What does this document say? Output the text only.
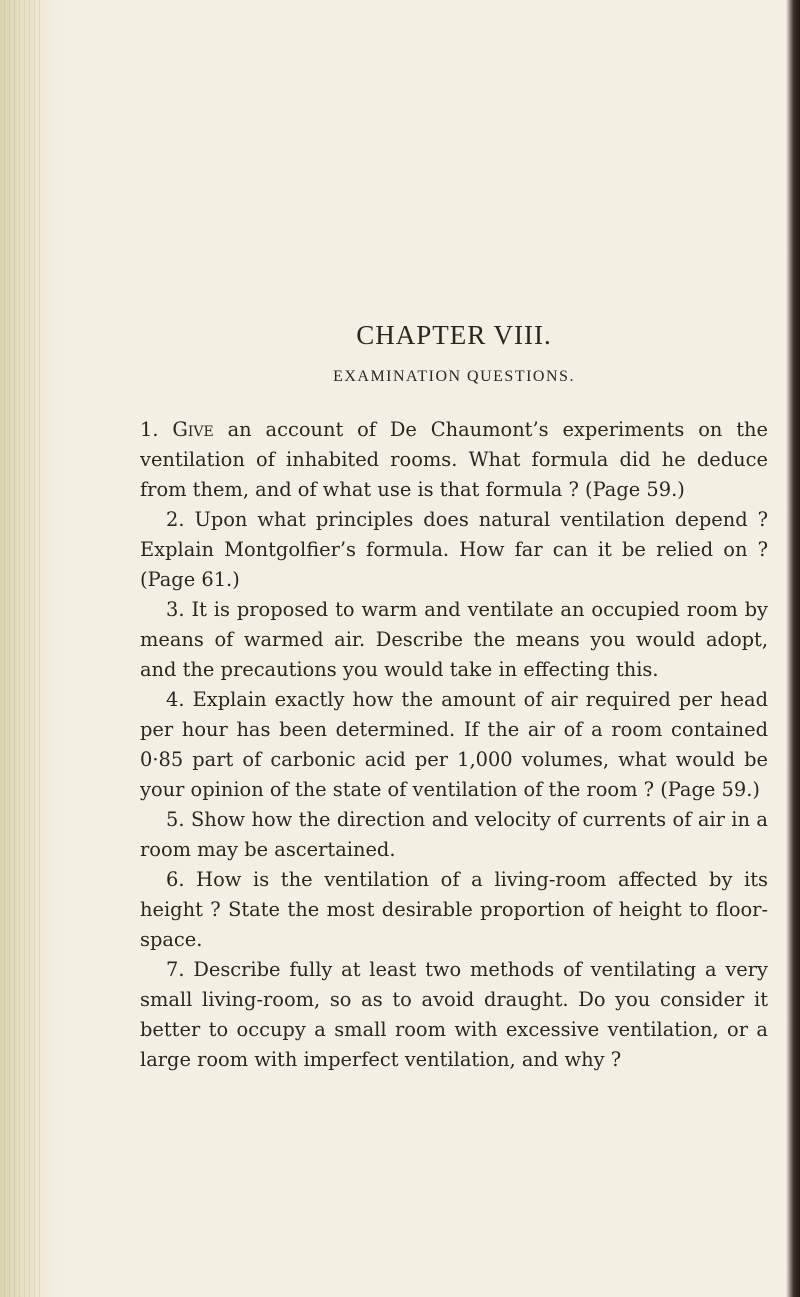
CHAPTER VIII.
EXAMINATION QUESTIONS.
1. Give an account of De Chaumont’s experiments on the ventilation of inhabited rooms. What formula did he deduce from them, and of what use is that formula ? (Page 59.)
2. Upon what principles does natural ventilation depend ? Explain Montgolfier’s formula. How far can it be relied on ? (Page 61.)
3. It is proposed to warm and ventilate an occupied room by means of warmed air. Describe the means you would adopt, and the precautions you would take in effecting this.
4. Explain exactly how the amount of air required per head per hour has been determined. If the air of a room contained 0·85 part of carbonic acid per 1,000 volumes, what would be your opinion of the state of ventilation of the room ? (Page 59.)
5. Show how the direction and velocity of currents of air in a room may be ascertained.
6. How is the ventilation of a living-room affected by its height ? State the most desirable proportion of height to floor-space.
7. Describe fully at least two methods of ventilating a very small living-room, so as to avoid draught. Do you consider it better to occupy a small room with excessive ventilation, or a large room with imperfect ventilation, and why ?
